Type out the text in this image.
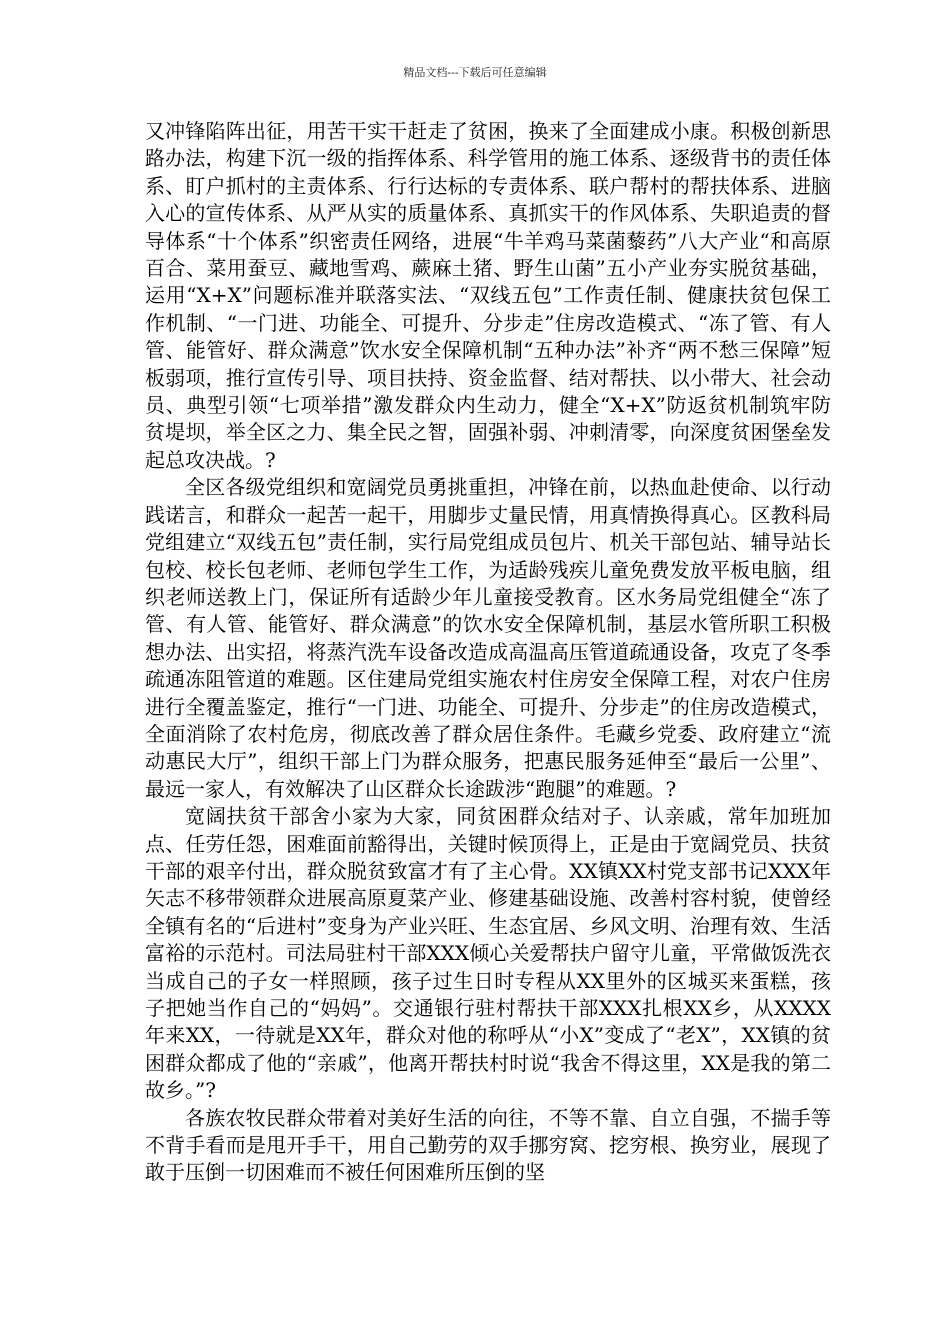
精品文档---下载后可任意编辑

又冲锋陷阵出征，用苦干实干赶走了贫困，换来了全面建成小康。积极创新思路办法，构建下沉一级的指挥体系、科学管用的施工体系、逐级背书的责任体系、盯户抓村的主责体系、行行达标的专责体系、联户帮村的帮扶体系、进脑入心的宣传体系、从严从实的质量体系、真抓实干的作风体系、失职追责的督导体系“十个体系”织密责任网络，进展“牛羊鸡马菜菌藜药”八大产业“和高原百合、菜用蚕豆、藏地雪鸡、蕨麻土猪、野生山菌”五小产业夯实脱贫基础，运用“X+X”问题标准并联落实法、“双线五包”工作责任制、健康扶贫包保工作机制、“一门进、功能全、可提升、分步走”住房改造模式、“冻了管、有人管、能管好、群众满意”饮水安全保障机制“五种办法”补齐“两不愁三保障”短板弱项，推行宣传引导、项目扶持、资金监督、结对帮扶、以小带大、社会动员、典型引领“七项举措”激发群众内生动力，健全“X+X”防返贫机制筑牢防贫堤坝，举全区之力、集全民之智，固强补弱、冲刺清零，向深度贫困堡垒发起总攻决战。?

全区各级党组织和宽阔党员勇挑重担，冲锋在前，以热血赴使命、以行动践诺言，和群众一起苦一起干，用脚步丈量民情，用真情换得真心。区教科局党组建立“双线五包”责任制，实行局党组成员包片、机关干部包站、辅导站长包校、校长包老师、老师包学生工作，为适龄残疾儿童免费发放平板电脑，组织老师送教上门，保证所有适龄少年儿童接受教育。区水务局党组健全“冻了管、有人管、能管好、群众满意”的饮水安全保障机制，基层水管所职工积极想办法、出实招，将蒸汽洗车设备改造成高温高压管道疏通设备，攻克了冬季疏通冻阻管道的难题。区住建局党组实施农村住房安全保障工程，对农户住房进行全覆盖鉴定，推行“一门进、功能全、可提升、分步走”的住房改造模式，全面消除了农村危房，彻底改善了群众居住条件。毛藏乡党委、政府建立“流动惠民大厅”，组织干部上门为群众服务，把惠民服务延伸至“最后一公里”、最远一家人，有效解决了山区群众长途跋涉“跑腿”的难题。?

宽阔扶贫干部舍小家为大家，同贫困群众结对子、认亲戚，常年加班加点、任劳任怨，困难面前豁得出，关键时候顶得上，正是由于宽阔党员、扶贫干部的艰辛付出，群众脱贫致富才有了主心骨。XX镇XX村党支部书记XXX年矢志不移带领群众进展高原夏菜产业、修建基础设施、改善村容村貌，使曾经全镇有名的“后进村”变身为产业兴旺、生态宜居、乡风文明、治理有效、生活富裕的示范村。司法局驻村干部XXX倾心关爱帮扶户留守儿童，平常做饭洗衣当成自己的子女一样照顾，孩子过生日时专程从XX里外的区城买来蛋糕，孩子把她当作自己的“妈妈”。交通银行驻村帮扶干部XXX扎根XX乡，从XXXX年来XX，一待就是XX年，群众对他的称呼从“小X”变成了“老X”，XX镇的贫困群众都成了他的“亲戚”，他离开帮扶村时说“我舍不得这里，XX是我的第二故乡。”?

各族农牧民群众带着对美好生活的向往，不等不靠、自立自强，不揣手等不背手看而是甩开手干，用自己勤劳的双手挪穷窝、挖穷根、换穷业，展现了敢于压倒一切困难而不被任何困难所压倒的坚
